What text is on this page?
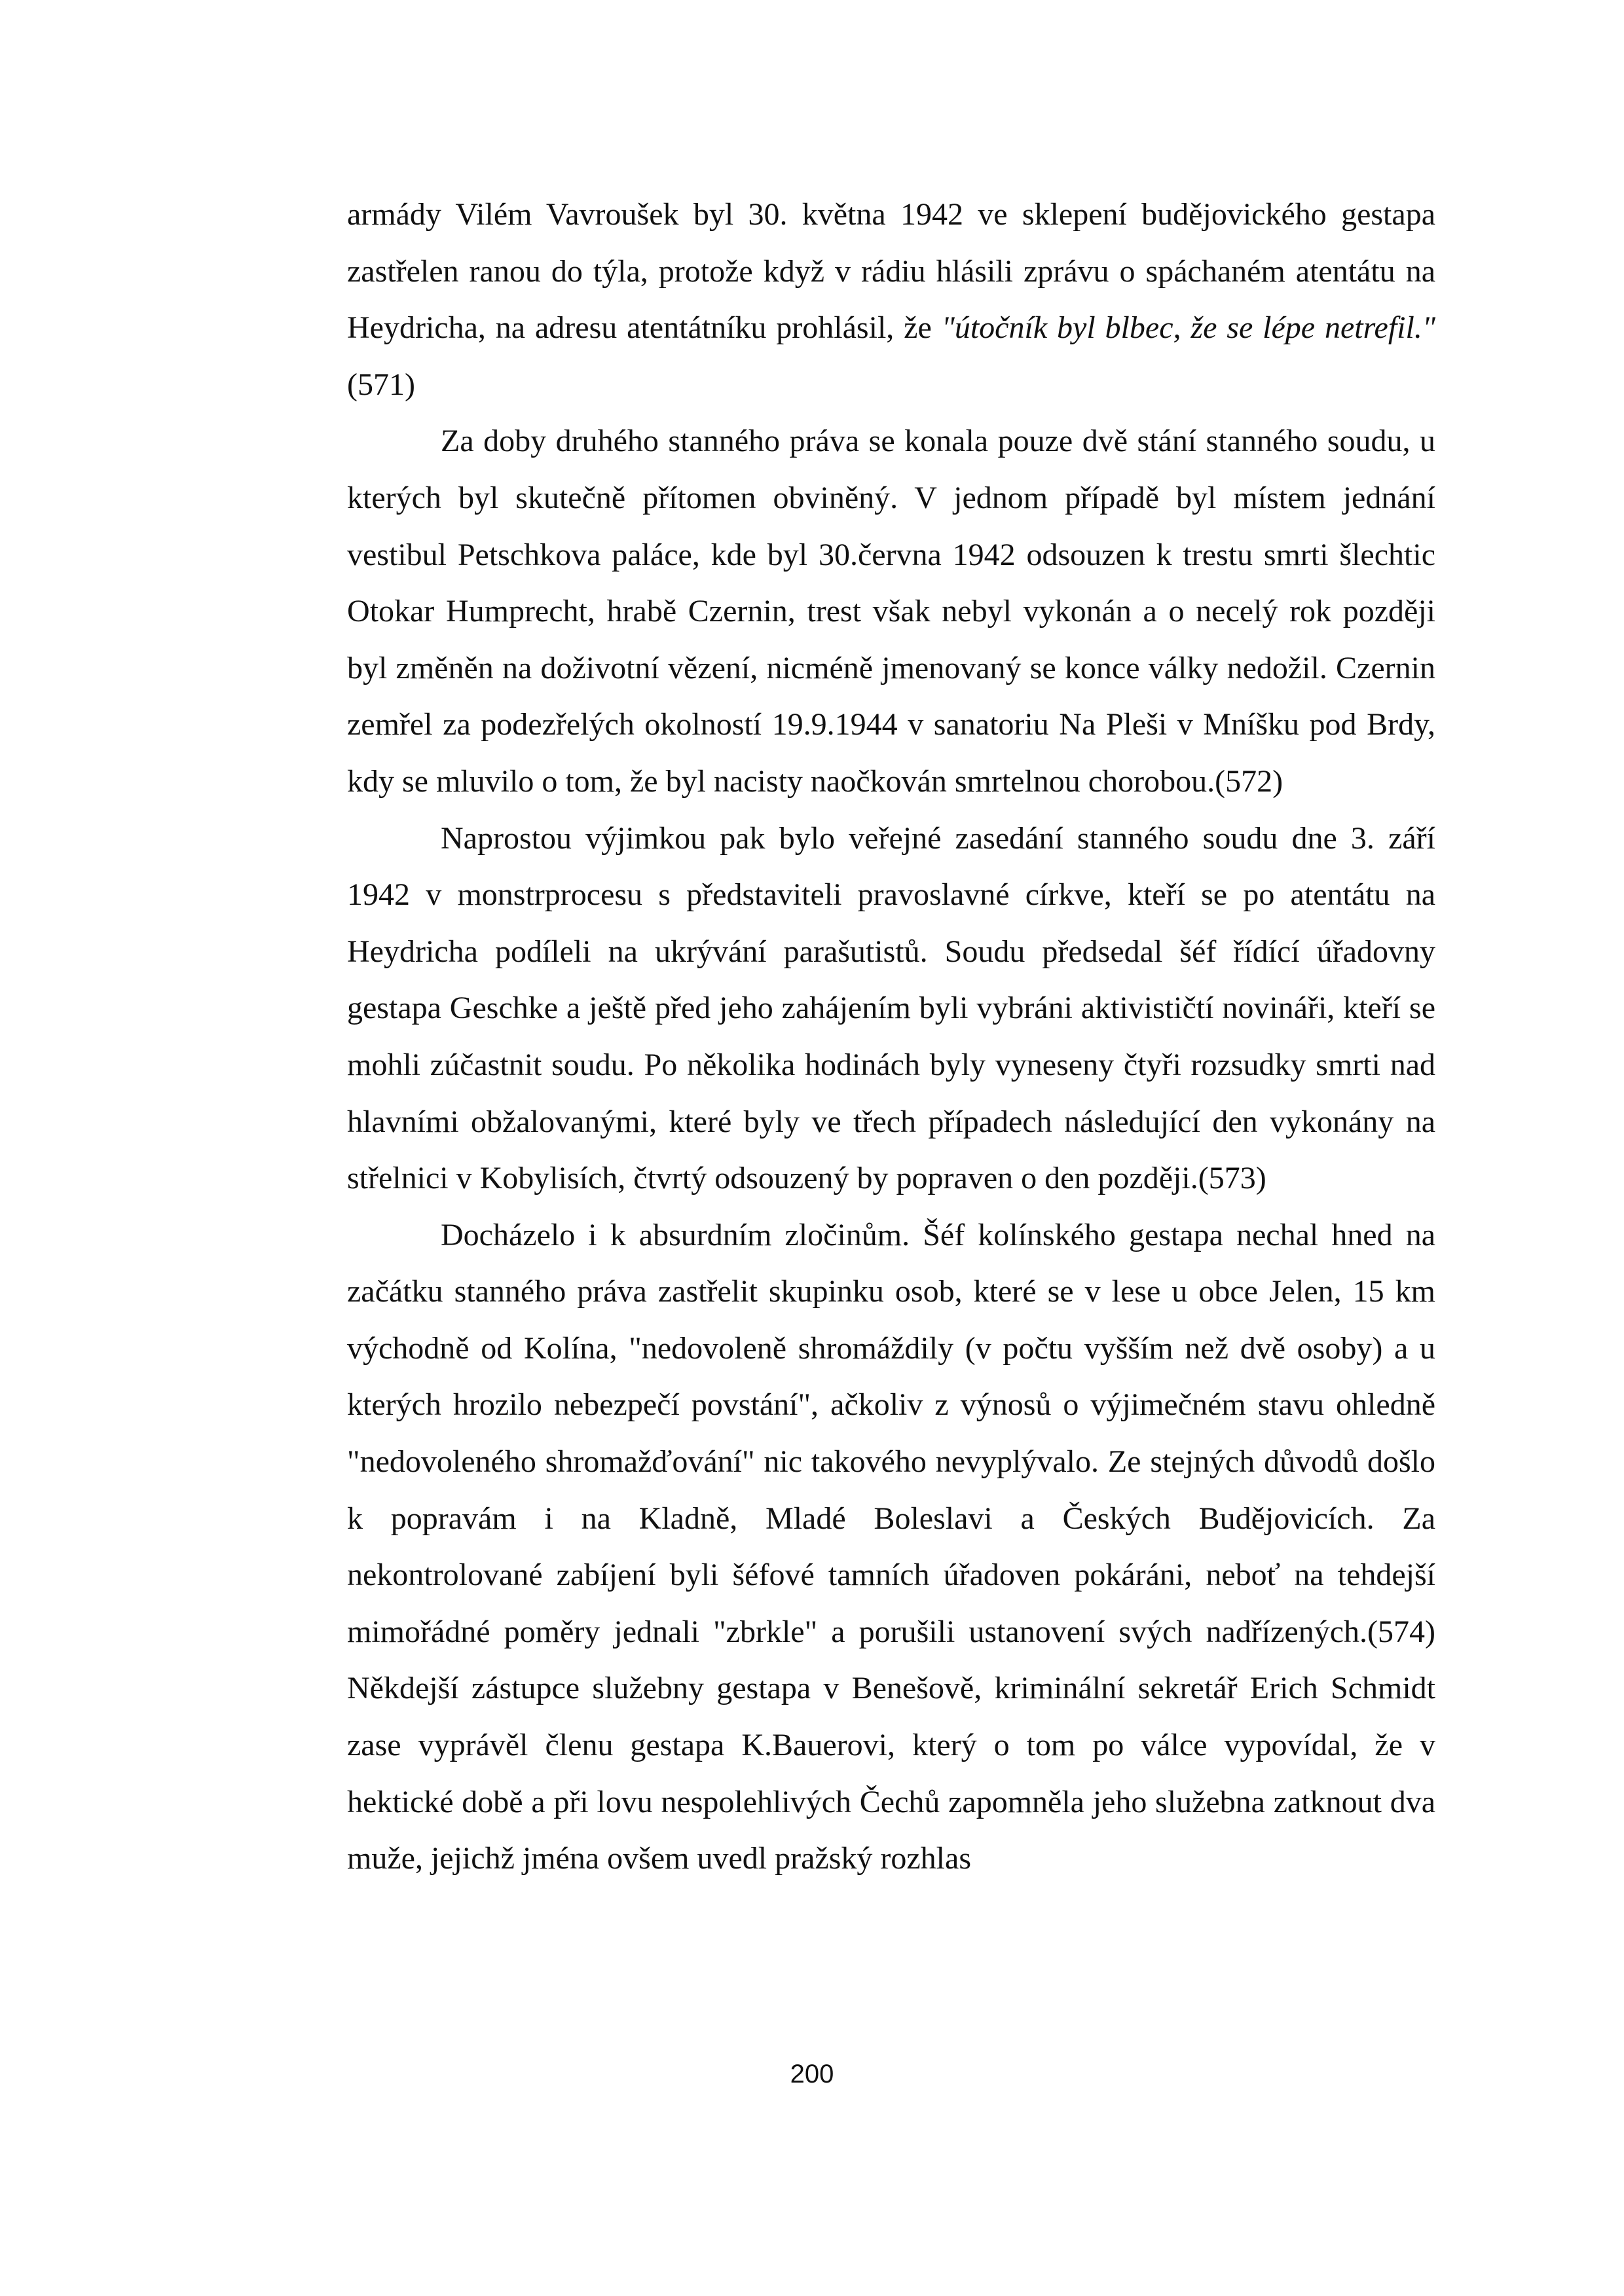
armády Vilém Vavroušek byl 30. května 1942 ve sklepení budějovického gestapa zastřelen ranou do týla, protože když v rádiu hlásili zprávu o spáchaném atentátu na Heydricha, na adresu atentátníku prohlásil, že "útočník byl blbec, že se lépe netrefil." (571)

Za doby druhého stanného práva se konala pouze dvě stání stanného soudu, u kterých byl skutečně přítomen obviněný. V jednom případě byl místem jednání vestibul Petschkova paláce, kde byl 30.června 1942 odsouzen k trestu smrti šlechtic Otokar Humprecht, hrabě Czernin, trest však nebyl vykonán a o necelý rok později byl změněn na doživotní vězení, nicméně jmenovaný se konce války nedožil. Czernin zemřel za podezřelých okolností 19.9.1944 v sanatoriu Na Pleši v Mníšku pod Brdy, kdy se mluvilo o tom, že byl nacisty naočkován smrtelnou chorobou.(572)

Naprostou výjimkou pak bylo veřejné zasedání stanného soudu dne 3. září 1942 v monstrprocesu s představiteli pravoslavné církve, kteří se po atentátu na Heydricha podíleli na ukrývání parašutistů. Soudu předsedal šéf řídící úřadovny gestapa Geschke a ještě před jeho zahájením byli vybráni aktivističtí novináři, kteří se mohli zúčastnit soudu. Po několika hodinách byly vyneseny čtyři rozsudky smrti nad hlavními obžalovanými, které byly ve třech případech následující den vykonány na střelnici v Kobylisích, čtvrtý odsouzený by popraven o den později.(573)

Docházelo i k absurdním zločinům. Šéf kolínského gestapa nechal hned na začátku stanného práva zastřelit skupinku osob, které se v lese u obce Jelen, 15 km východně od Kolína, "nedovoleně shromáždily (v počtu vyšším než dvě osoby) a u kterých hrozilo nebezpečí povstání", ačkoliv z výnosů o výjimečném stavu ohledně "nedovoleného shromažďování" nic takového nevyplývalo. Ze stejných důvodů došlo k popravám i na Kladně, Mladé Boleslavi a Českých Budějovicích. Za nekontrolované zabíjení byli šéfové tamních úřadoven pokáráni, neboť na tehdejší mimořádné poměry jednali "zbrkle" a porušili ustanovení svých nadřízených.(574) Někdejší zástupce služebny gestapa v Benešově, kriminální sekretář Erich Schmidt zase vyprávěl členu gestapa K.Bauerovi, který o tom po válce vypovídal, že v hektické době a při lovu nespolehlivých Čechů zapomněla jeho služebna zatknout dva muže, jejichž jména ovšem uvedl pražský rozhlas

200
